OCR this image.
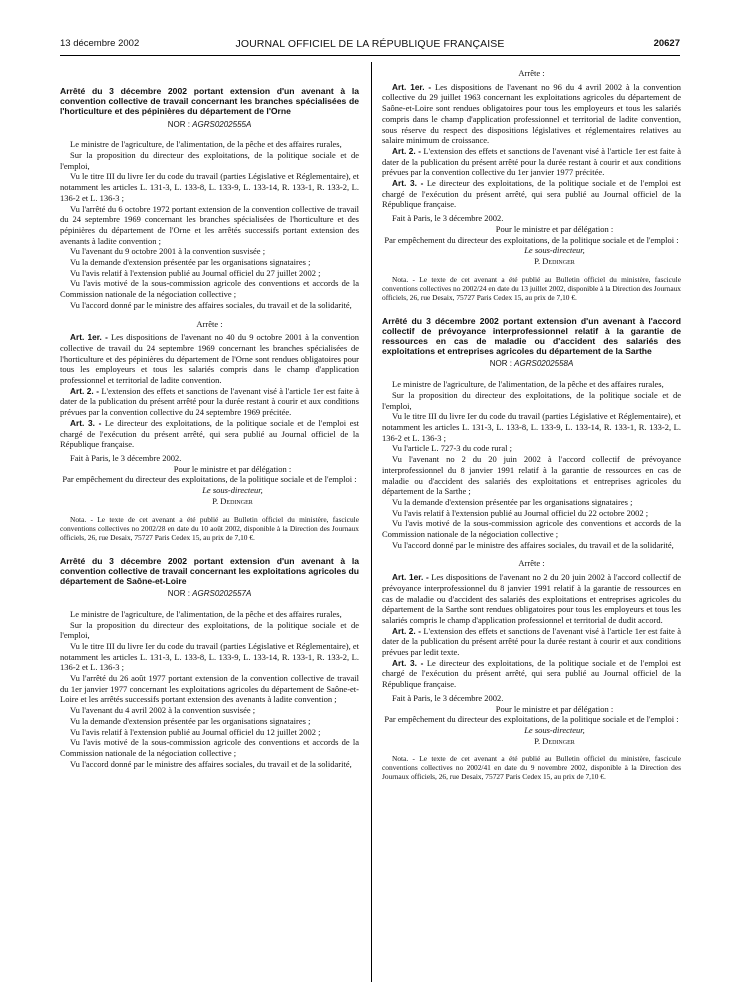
13 décembre 2002	JOURNAL OFFICIEL DE LA RÉPUBLIQUE FRANÇAISE	20627
Arrêté du 3 décembre 2002 portant extension d'un avenant à la convention collective de travail concernant les branches spécialisées de l'horticulture et des pépinières du département de l'Orne
NOR : AGRS0202555A

Le ministre de l'agriculture, de l'alimentation, de la pêche et des affaires rurales,

Sur la proposition du directeur des exploitations, de la politique sociale et de l'emploi,

Vu le titre III du livre Ier du code du travail (parties Législative et Réglementaire), et notamment les articles L. 131-3, L. 133-8, L. 133-9, L. 133-14, R. 133-1, R. 133-2, L. 136-2 et L. 136-3 ;

Vu l'arrêté du 6 octobre 1972 portant extension de la convention collective de travail du 24 septembre 1969 concernant les branches spécialisées de l'horticulture et des pépinières du département de l'Orne et les arrêtés successifs portant extension des avenants à ladite convention ;

Vu l'avenant du 9 octobre 2001 à la convention susvisée ;

Vu la demande d'extension présentée par les organisations signataires ;

Vu l'avis relatif à l'extension publié au Journal officiel du 27 juillet 2002 ;

Vu l'avis motivé de la sous-commission agricole des conventions et accords de la Commission nationale de la négociation collective ;

Vu l'accord donné par le ministre des affaires sociales, du travail et de la solidarité,

Arrête :

Art. 1er. - Les dispositions de l'avenant no 40 du 9 octobre 2001 à la convention collective de travail du 24 septembre 1969 concernant les branches spécialisées de l'horticulture et des pépinières du département de l'Orne sont rendues obligatoires pour tous les employeurs et tous les salariés compris dans le champ d'application professionnel et territorial de ladite convention.

Art. 2. - L'extension des effets et sanctions de l'avenant visé à l'article 1er est faite à dater de la publication du présent arrêté pour la durée restant à courir et aux conditions prévues par la convention collective du 24 septembre 1969 précitée.

Art. 3. - Le directeur des exploitations, de la politique sociale et de l'emploi est chargé de l'exécution du présent arrêté, qui sera publié au Journal officiel de la République française.

Fait à Paris, le 3 décembre 2002.

Pour le ministre et par délégation :

Par empêchement du directeur des exploitations, de la politique sociale et de l'emploi :

Le sous-directeur,

P. Dedinger

Nota. - Le texte de cet avenant a été publié au Bulletin officiel du ministère, fascicule conventions collectives no 2002/28 en date du 10 août 2002, disponible à la Direction des Journaux officiels, 26, rue Desaix, 75727 Paris Cedex 15, au prix de 7,10 €.

Arrêté du 3 décembre 2002 portant extension d'un avenant à la convention collective de travail concernant les exploitations agricoles du département de Saône-et-Loire
NOR : AGRS0202557A

Le ministre de l'agriculture, de l'alimentation, de la pêche et des affaires rurales,

Sur la proposition du directeur des exploitations, de la politique sociale et de l'emploi,

Vu le titre III du livre Ier du code du travail (parties Législative et Réglementaire), et notamment les articles L. 131-3, L. 133-8, L. 133-9, L. 133-14, R. 133-1, R. 133-2, L. 136-2 et L. 136-3 ;

Vu l'arrêté du 26 août 1977 portant extension de la convention collective de travail du 1er janvier 1977 concernant les exploitations agricoles du département de Saône-et-Loire et les arrêtés successifs portant extension des avenants à ladite convention ;

Vu l'avenant du 4 avril 2002 à la convention susvisée ;

Vu la demande d'extension présentée par les organisations signataires ;

Vu l'avis relatif à l'extension publié au Journal officiel du 12 juillet 2002 ;

Vu l'avis motivé de la sous-commission agricole des conventions et accords de la Commission nationale de la négociation collective ;

Vu l'accord donné par le ministre des affaires sociales, du travail et de la solidarité,

Arrête :

Art. 1er. - Les dispositions de l'avenant no 96 du 4 avril 2002 à la convention collective du 29 juillet 1963 concernant les exploitations agricoles du département de Saône-et-Loire sont rendues obligatoires pour tous les employeurs et tous les salariés compris dans le champ d'application professionnel et territorial de ladite convention, sous réserve du respect des dispositions législatives et réglementaires relatives au salaire minimum de croissance.

Art. 2. - L'extension des effets et sanctions de l'avenant visé à l'article 1er est faite à dater de la publication du présent arrêté pour la durée restant à courir et aux conditions prévues par la convention collective du 1er janvier 1977 précitée.

Art. 3. - Le directeur des exploitations, de la politique sociale et de l'emploi est chargé de l'exécution du présent arrêté, qui sera publié au Journal officiel de la République française.

Fait à Paris, le 3 décembre 2002.

Pour le ministre et par délégation :

Par empêchement du directeur des exploitations, de la politique sociale et de l'emploi :

Le sous-directeur,

P. Dedinger

Nota. - Le texte de cet avenant a été publié au Bulletin officiel du ministère, fascicule conventions collectives no 2002/24 en date du 13 juillet 2002, disponible à la Direction des Journaux officiels, 26, rue Desaix, 75727 Paris Cedex 15, au prix de 7,10 €.

Arrêté du 3 décembre 2002 portant extension d'un avenant à l'accord collectif de prévoyance interprofessionnel relatif à la garantie de ressources en cas de maladie ou d'accident des salariés des exploitations et entreprises agricoles du département de la Sarthe
NOR : AGRS0202558A

Le ministre de l'agriculture, de l'alimentation, de la pêche et des affaires rurales,

Sur la proposition du directeur des exploitations, de la politique sociale et de l'emploi,

Vu le titre III du livre Ier du code du travail (parties Législative et Réglementaire), et notamment les articles L. 131-3, L. 133-8, L. 133-9, L. 133-14, R. 133-1, R. 133-2, L. 136-2 et L. 136-3 ;

Vu l'article L. 727-3 du code rural ;

Vu l'avenant no 2 du 20 juin 2002 à l'accord collectif de prévoyance interprofessionnel du 8 janvier 1991 relatif à la garantie de ressources en cas de maladie ou d'accident des salariés des exploitations et entreprises agricoles du département de la Sarthe ;

Vu la demande d'extension présentée par les organisations signataires ;

Vu l'avis relatif à l'extension publié au Journal officiel du 22 octobre 2002 ;

Vu l'avis motivé de la sous-commission agricole des conventions et accords de la Commission nationale de la négociation collective ;

Vu l'accord donné par le ministre des affaires sociales, du travail et de la solidarité,

Arrête :

Art. 1er. - Les dispositions de l'avenant no 2 du 20 juin 2002 à l'accord collectif de prévoyance interprofessionnel du 8 janvier 1991 relatif à la garantie de ressources en cas de maladie ou d'accident des salariés des exploitations et entreprises agricoles du département de la Sarthe sont rendues obligatoires pour tous les employeurs et tous les salariés compris le champ d'application professionnel et territorial de dudit accord.

Art. 2. - L'extension des effets et sanctions de l'avenant visé à l'article 1er est faite à dater de la publication du présent arrêté pour la durée restant à courir et aux conditions prévues par ledit texte.

Art. 3. - Le directeur des exploitations, de la politique sociale et de l'emploi est chargé de l'exécution du présent arrêté, qui sera publié au Journal officiel de la République française.

Fait à Paris, le 3 décembre 2002.

Pour le ministre et par délégation :

Par empêchement du directeur des exploitations, de la politique sociale et de l'emploi :

Le sous-directeur,

P. Dedinger

Nota. - Le texte de cet avenant a été publié au Bulletin officiel du ministère, fascicule conventions collectives no 2002/41 en date du 9 novembre 2002, disponible à la Direction des Journaux officiels, 26, rue Desaix, 75727 Paris Cedex 15, au prix de 7,10 €.
